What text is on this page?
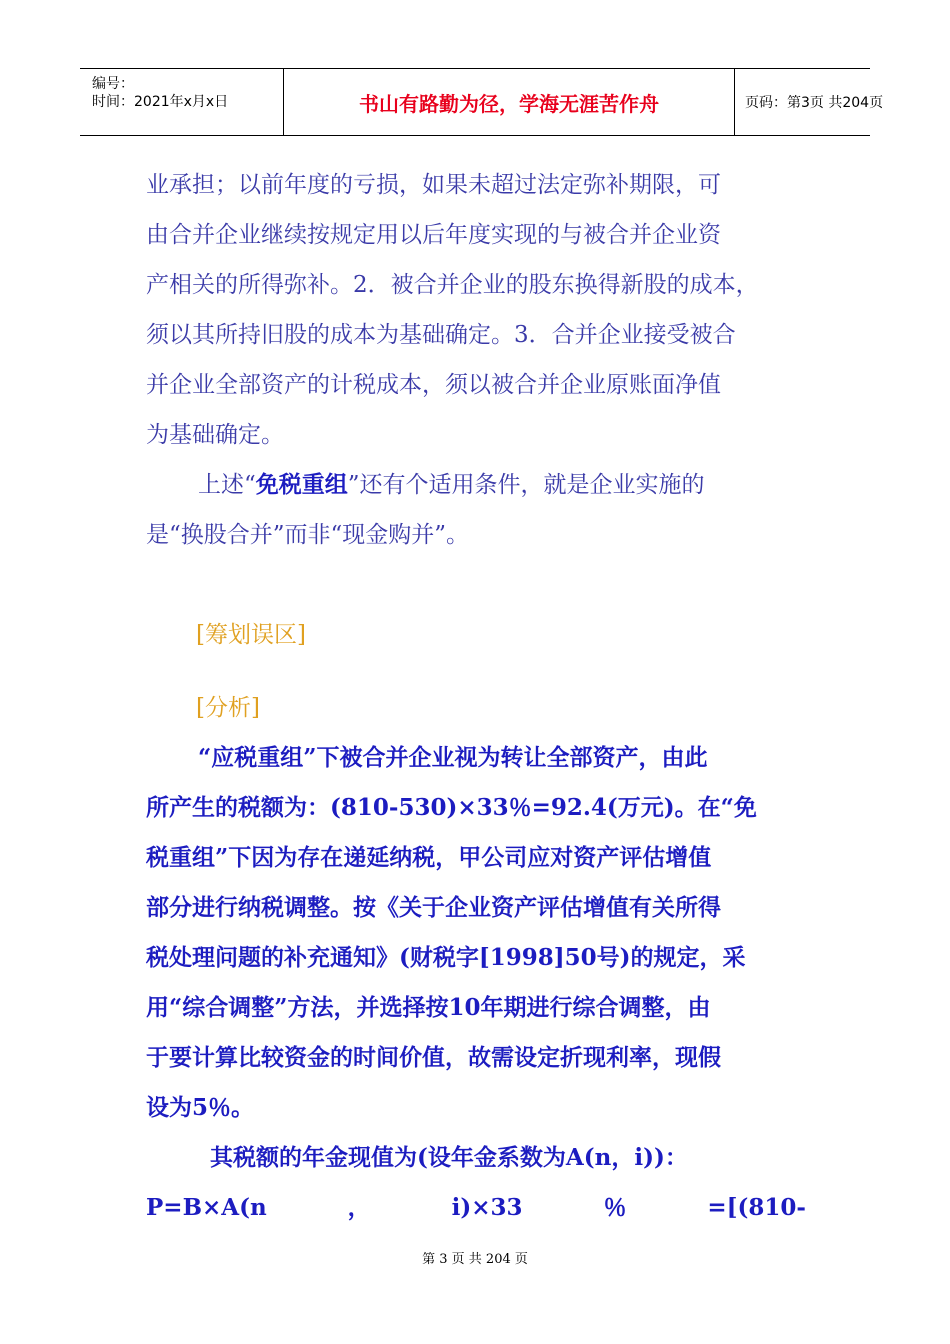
编号：
时间：2021年x月x日	书山有路勤为径，学海无涯苦作舟	页码：第3页 共204页
业承担；以前年度的亏损，如果未超过法定弥补期限，可
由合并企业继续按规定用以后年度实现的与被合并企业资
产相关的所得弥补。2．被合并企业的股东换得新股的成本，
须以其所持旧股的成本为基础确定。3．合并企业接受被合
并企业全部资产的计税成本，须以被合并企业原账面净值
为基础确定。
上述“免税重组”还有个适用条件，就是企业实施的
是“换股合并”而非“现金购并”。
[筹划误区]
[分析]
“应税重组”下被合并企业视为转让全部资产，由此
所产生的税额为：(810-530)×33％=92.4(万元)。在“免
税重组”下因为存在递延纳税，甲公司应对资产评估增值
部分进行纳税调整。按《关于企业资产评估增值有关所得
税处理问题的补充通知》(财税字[1998]50号)的规定，采
用“综合调整”方法，并选择按10年期进行综合调整，由
于要计算比较资金的时间价值，故需设定折现利率，现假
设为5％。
其税额的年金现值为(设年金系数为A(n，i))：
P=B×A(n	，	i)×33	％	=[(810-
第 3 页 共 204 页
